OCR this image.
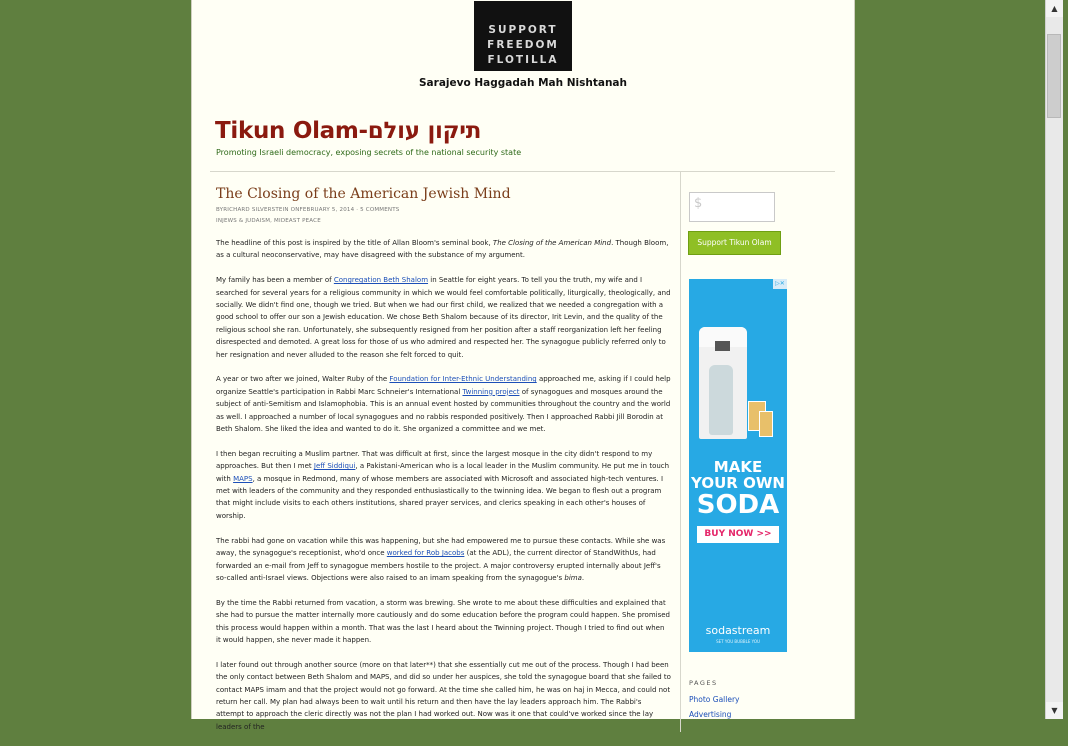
SUPPORT
FREEDOM
FLOTILLA
Sarajevo Haggadah Mah Nishtanah
Tikun Olam-תיקון עולם
Promoting Israeli democracy, exposing secrets of the national security state
The Closing of the American Jewish Mind
BYRICHARD SILVERSTEIN ONFEBRUARY 5, 2014 · 5 COMMENTS
INJEWS & JUDAISM, MIDEAST PEACE

The headline of this post is inspired by the title of Allan Bloom's seminal book, The Closing of the American Mind. Though Bloom, as a cultural neoconservative, may have disagreed with the substance of my argument.

My family has been a member of Congregation Beth Shalom in Seattle for eight years. To tell you the truth, my wife and I searched for several years for a religious community in which we would feel comfortable politically, liturgically, theologically, and socially. We didn't find one, though we tried. But when we had our first child, we realized that we needed a congregation with a good school to offer our son a Jewish education. We chose Beth Shalom because of its director, Irit Levin, and the quality of the religious school she ran. Unfortunately, she subsequently resigned from her position after a staff reorganization left her feeling disrespected and demoted. A great loss for those of us who admired and respected her. The synagogue publicly referred only to her resignation and never alluded to the reason she felt forced to quit.

A year or two after we joined, Walter Ruby of the Foundation for Inter-Ethnic Understanding approached me, asking if I could help organize Seattle's participation in Rabbi Marc Schneier's International Twinning project of synagogues and mosques around the subject of anti-Semitism and Islamophobia. This is an annual event hosted by communities throughout the country and the world as well. I approached a number of local synagogues and no rabbis responded positively. Then I approached Rabbi Jill Borodin at Beth Shalom. She liked the idea and wanted to do it. She organized a committee and we met.

I then began recruiting a Muslim partner. That was difficult at first, since the largest mosque in the city didn't respond to my approaches. But then I met Jeff Siddiqui, a Pakistani-American who is a local leader in the Muslim community. He put me in touch with MAPS, a mosque in Redmond, many of whose members are associated with Microsoft and associated high-tech ventures. I met with leaders of the community and they responded enthusiastically to the twinning idea. We began to flesh out a program that might include visits to each others institutions, shared prayer services, and clerics speaking in each other's houses of worship.

The rabbi had gone on vacation while this was happening, but she had empowered me to pursue these contacts. While she was away, the synagogue's receptionist, who'd once worked for Rob Jacobs (at the ADL), the current director of StandWithUs, had forwarded an e-mail from Jeff to synagogue members hostile to the project. A major controversy erupted internally about Jeff's so-called anti-Israel views. Objections were also raised to an imam speaking from the synagogue's bima.

By the time the Rabbi returned from vacation, a storm was brewing. She wrote to me about these difficulties and explained that she had to pursue the matter internally more cautiously and do some education before the program could happen. She promised this process would happen within a month. That was the last I heard about the Twinning project. Though I tried to find out when it would happen, she never made it happen.

I later found out through another source (more on that later**) that she essentially cut me out of the process. Though I had been the only contact between Beth Shalom and MAPS, and did so under her auspices, she told the synagogue board that she failed to contact MAPS imam and that the project would not go forward. At the time she called him, he was on haj in Mecca, and could not return her call. My plan had always been to wait until his return and then have the lay leaders approach him. The Rabbi's attempt to approach the cleric directly was not the plan I had worked out. Now was it one that could've worked since the lay leaders of the

$
Support Tikun Olam
▷✕
MAKE
YOUR OWN
SODA
BUY NOW >>
sodastream
SET YOU BUBBLE YOU
PAGES
Photo Gallery
Advertising
▲
▼
